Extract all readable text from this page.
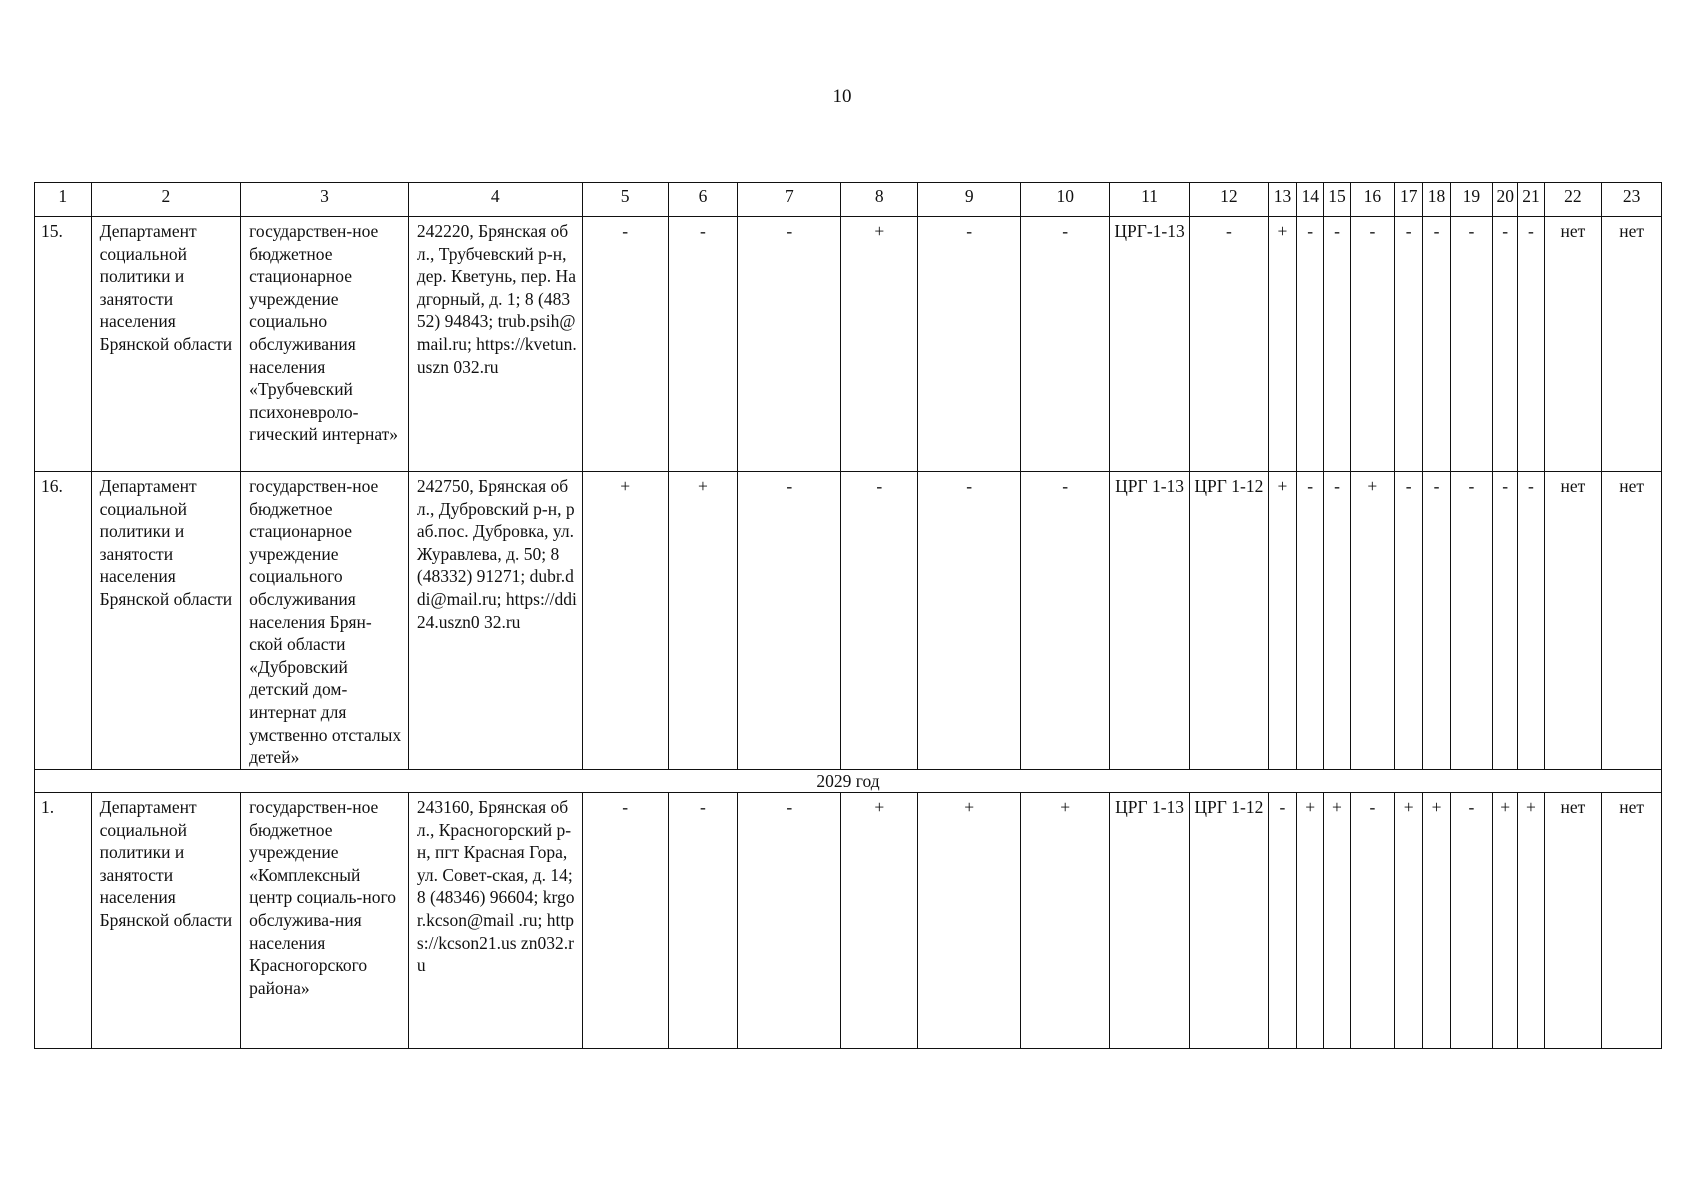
10
1	2	3	4	5	6	7	8	9	10	11	12	13	14	15	16	17	18	19	20	21	22	23
15.	Департамент социальной политики и занятости населения Брянской области	государствен-ное бюджетное стационарное учреждение социально обслуживания населения «Трубчевский психоневроло-гический интернат»	242220, Брянская обл., Трубчевский р-н, дер. Кветунь, пер. Надгорный, д. 1; 8 (48352) 94843; trub.psih@mail.ru; https://kvetun.uszn 032.ru	-	-	-	+	-	-	ЦРГ-1-13	-	+	-	-	-	-	-	-	-	-	нет	нет
16.	Департамент социальной политики и занятости населения Брянской области	государствен-ное бюджетное стационарное учреждение социального обслуживания населения Брян-ской области «Дубровский детский дом-интернат для умственно отсталых детей»	242750, Брянская обл., Дубровский р-н, раб.пос. Дубровка, ул. Журавлева, д. 50; 8 (48332) 91271; dubr.ddi@mail.ru; https://ddi24.uszn0 32.ru	+	+	-	-	-	-	ЦРГ 1-13	ЦРГ 1-12	+	-	-	+	-	-	-	-	-	нет	нет
2029 год																						
1.	Департамент социальной политики и занятости населения Брянской области	государствен-ное бюджетное учреждение «Комплексный центр социаль-ного обслужива-ния населения Красногорского района»	243160, Брянская обл., Красногорский р-н, пгт Красная Гора, ул. Совет-ская, д. 14; 8 (48346) 96604; krgor.kcson@mail .ru; https://kcson21.us zn032.ru	-	-	-	+	+	+	ЦРГ 1-13	ЦРГ 1-12	-	+	+	-	+	+	-	+	+	нет	нет
